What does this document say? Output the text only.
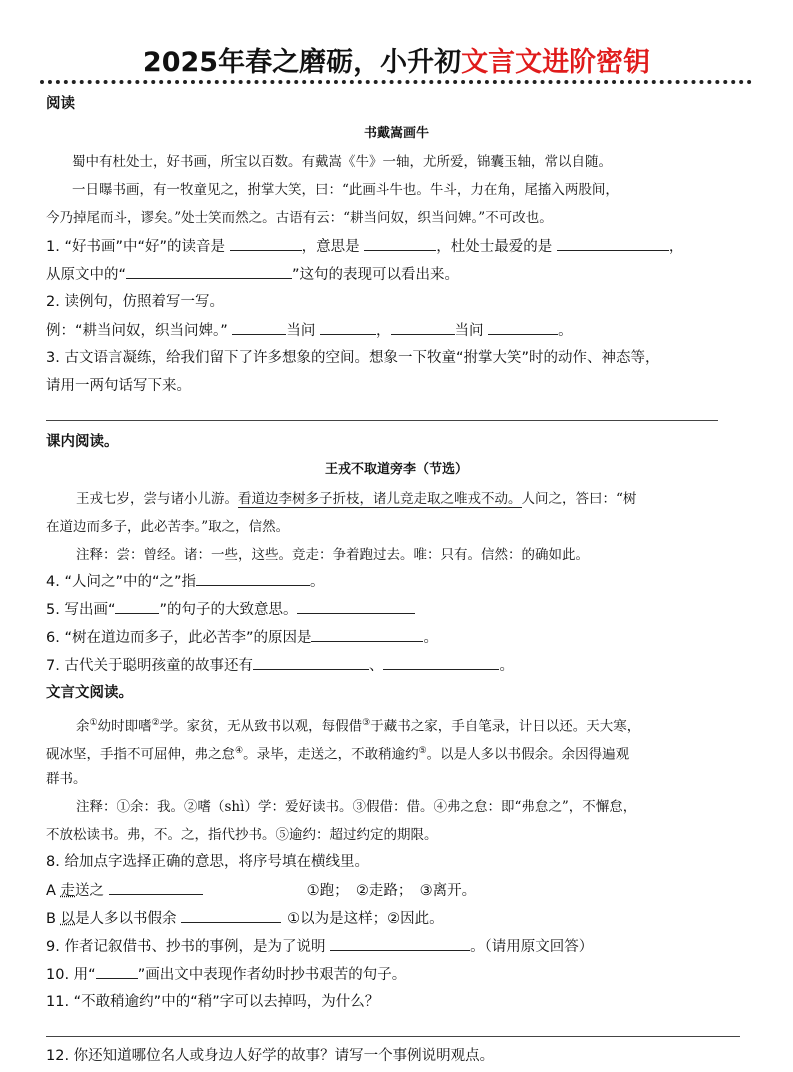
2025年春之磨砺，小升初文言文进阶密钥
阅读
书戴嵩画牛
蜀中有杜处士，好书画，所宝以百数。有戴嵩《牛》一轴，尤所爱，锦囊玉轴，常以自随。
一日曝书画，有一牧童见之，拊掌大笑，曰：“此画斗牛也。牛斗，力在角，尾搐入两股间，
今乃掉尾而斗，谬矣。”处士笑而然之。古语有云：“耕当问奴，织当问婢。”不可改也。
1. “好书画”中“好”的读音是	，意思是	，杜处士最爱的是	，
从原文中的“	”这句的表现可以看出来。
2. 读例句，仿照着写一写。
例：“耕当问奴，织当问婢。”	当问	，	当问	。
3. 古文语言凝练，给我们留下了许多想象的空间。想象一下牧童“拊掌大笑”时的动作、神态等，
请用一两句话写下来。
课内阅读。
王戎不取道旁李（节选）
王戎七岁，尝与诸小儿游。看道边李树多子折枝，诸儿竞走取之唯戎不动。人问之，答曰：“树
在道边而多子，此必苦李。”取之，信然。
注释：尝：曾经。诸：一些，这些。竞走：争着跑过去。唯：只有。信然：的确如此。
4. “人问之”中的“之”指	。
5. 写出画“	”的句子的大致意思。
6. “树在道边而多子，此必苦李”的原因是	。
7. 古代关于聪明孩童的故事还有	、	。
文言文阅读。
余①幼时即嗜②学。家贫，无从致书以观，每假借③于藏书之家，手自笔录，计日以还。天大寒，
砚冰坚，手指不可屈伸，弗之怠④。录毕，走送之，不敢稍逾约⑤。以是人多以书假余。余因得遍观
群书。
注释：①余：我。②嗜（shì）学：爱好读书。③假借：借。④弗之怠：即“弗怠之”，不懈怠，
不放松读书。弗，不。之，指代抄书。⑤逾约：超过约定的期限。
8. 给加点字选择正确的意思，将序号填在横线里。
A 走送之	①跑；　②走路；　③离开。
B 以是人多以书假余	①以为是这样；②因此。
9. 作者记叙借书、抄书的事例，是为了说明	。（请用原文回答）
10. 用“	”画出文中表现作者幼时抄书艰苦的句子。
11. “不敢稍逾约”中的“稍”字可以去掉吗，为什么？
12. 你还知道哪位名人或身边人好学的故事？请写一个事例说明观点。
